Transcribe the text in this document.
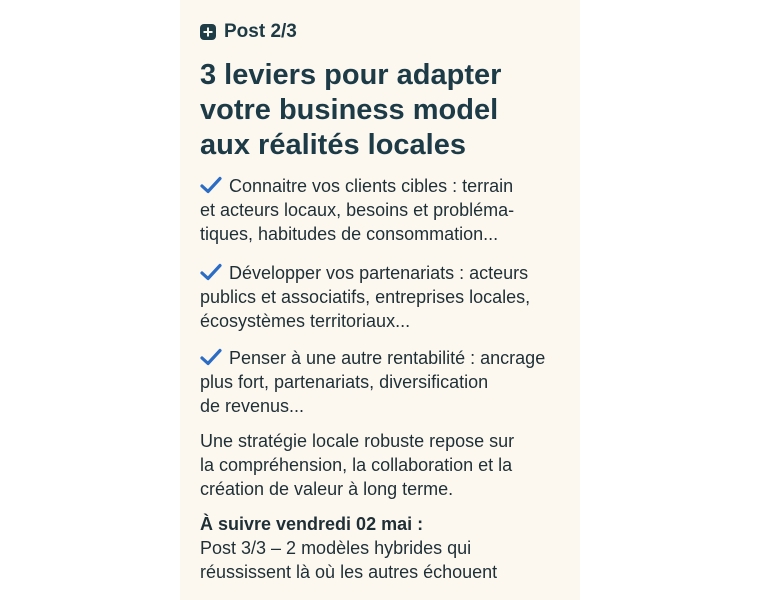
Post 2/3
3 leviers pour adapter
votre business model
aux réalités locales
Connaitre vos clients cibles : terrain
et acteurs locaux, besoins et probléma-
tiques, habitudes de consommation...
Développer vos partenariats : acteurs
publics et associatifs, entreprises locales,
écosystèmes territoriaux...
Penser à une autre rentabilité : ancrage
plus fort, partenariats, diversification
de revenus...
Une stratégie locale robuste repose sur
la compréhension, la collaboration et la
création de valeur à long terme.
À suivre vendredi 02 mai :
Post 3/3 – 2 modèles hybrides qui
réussissent là où les autres échouent
